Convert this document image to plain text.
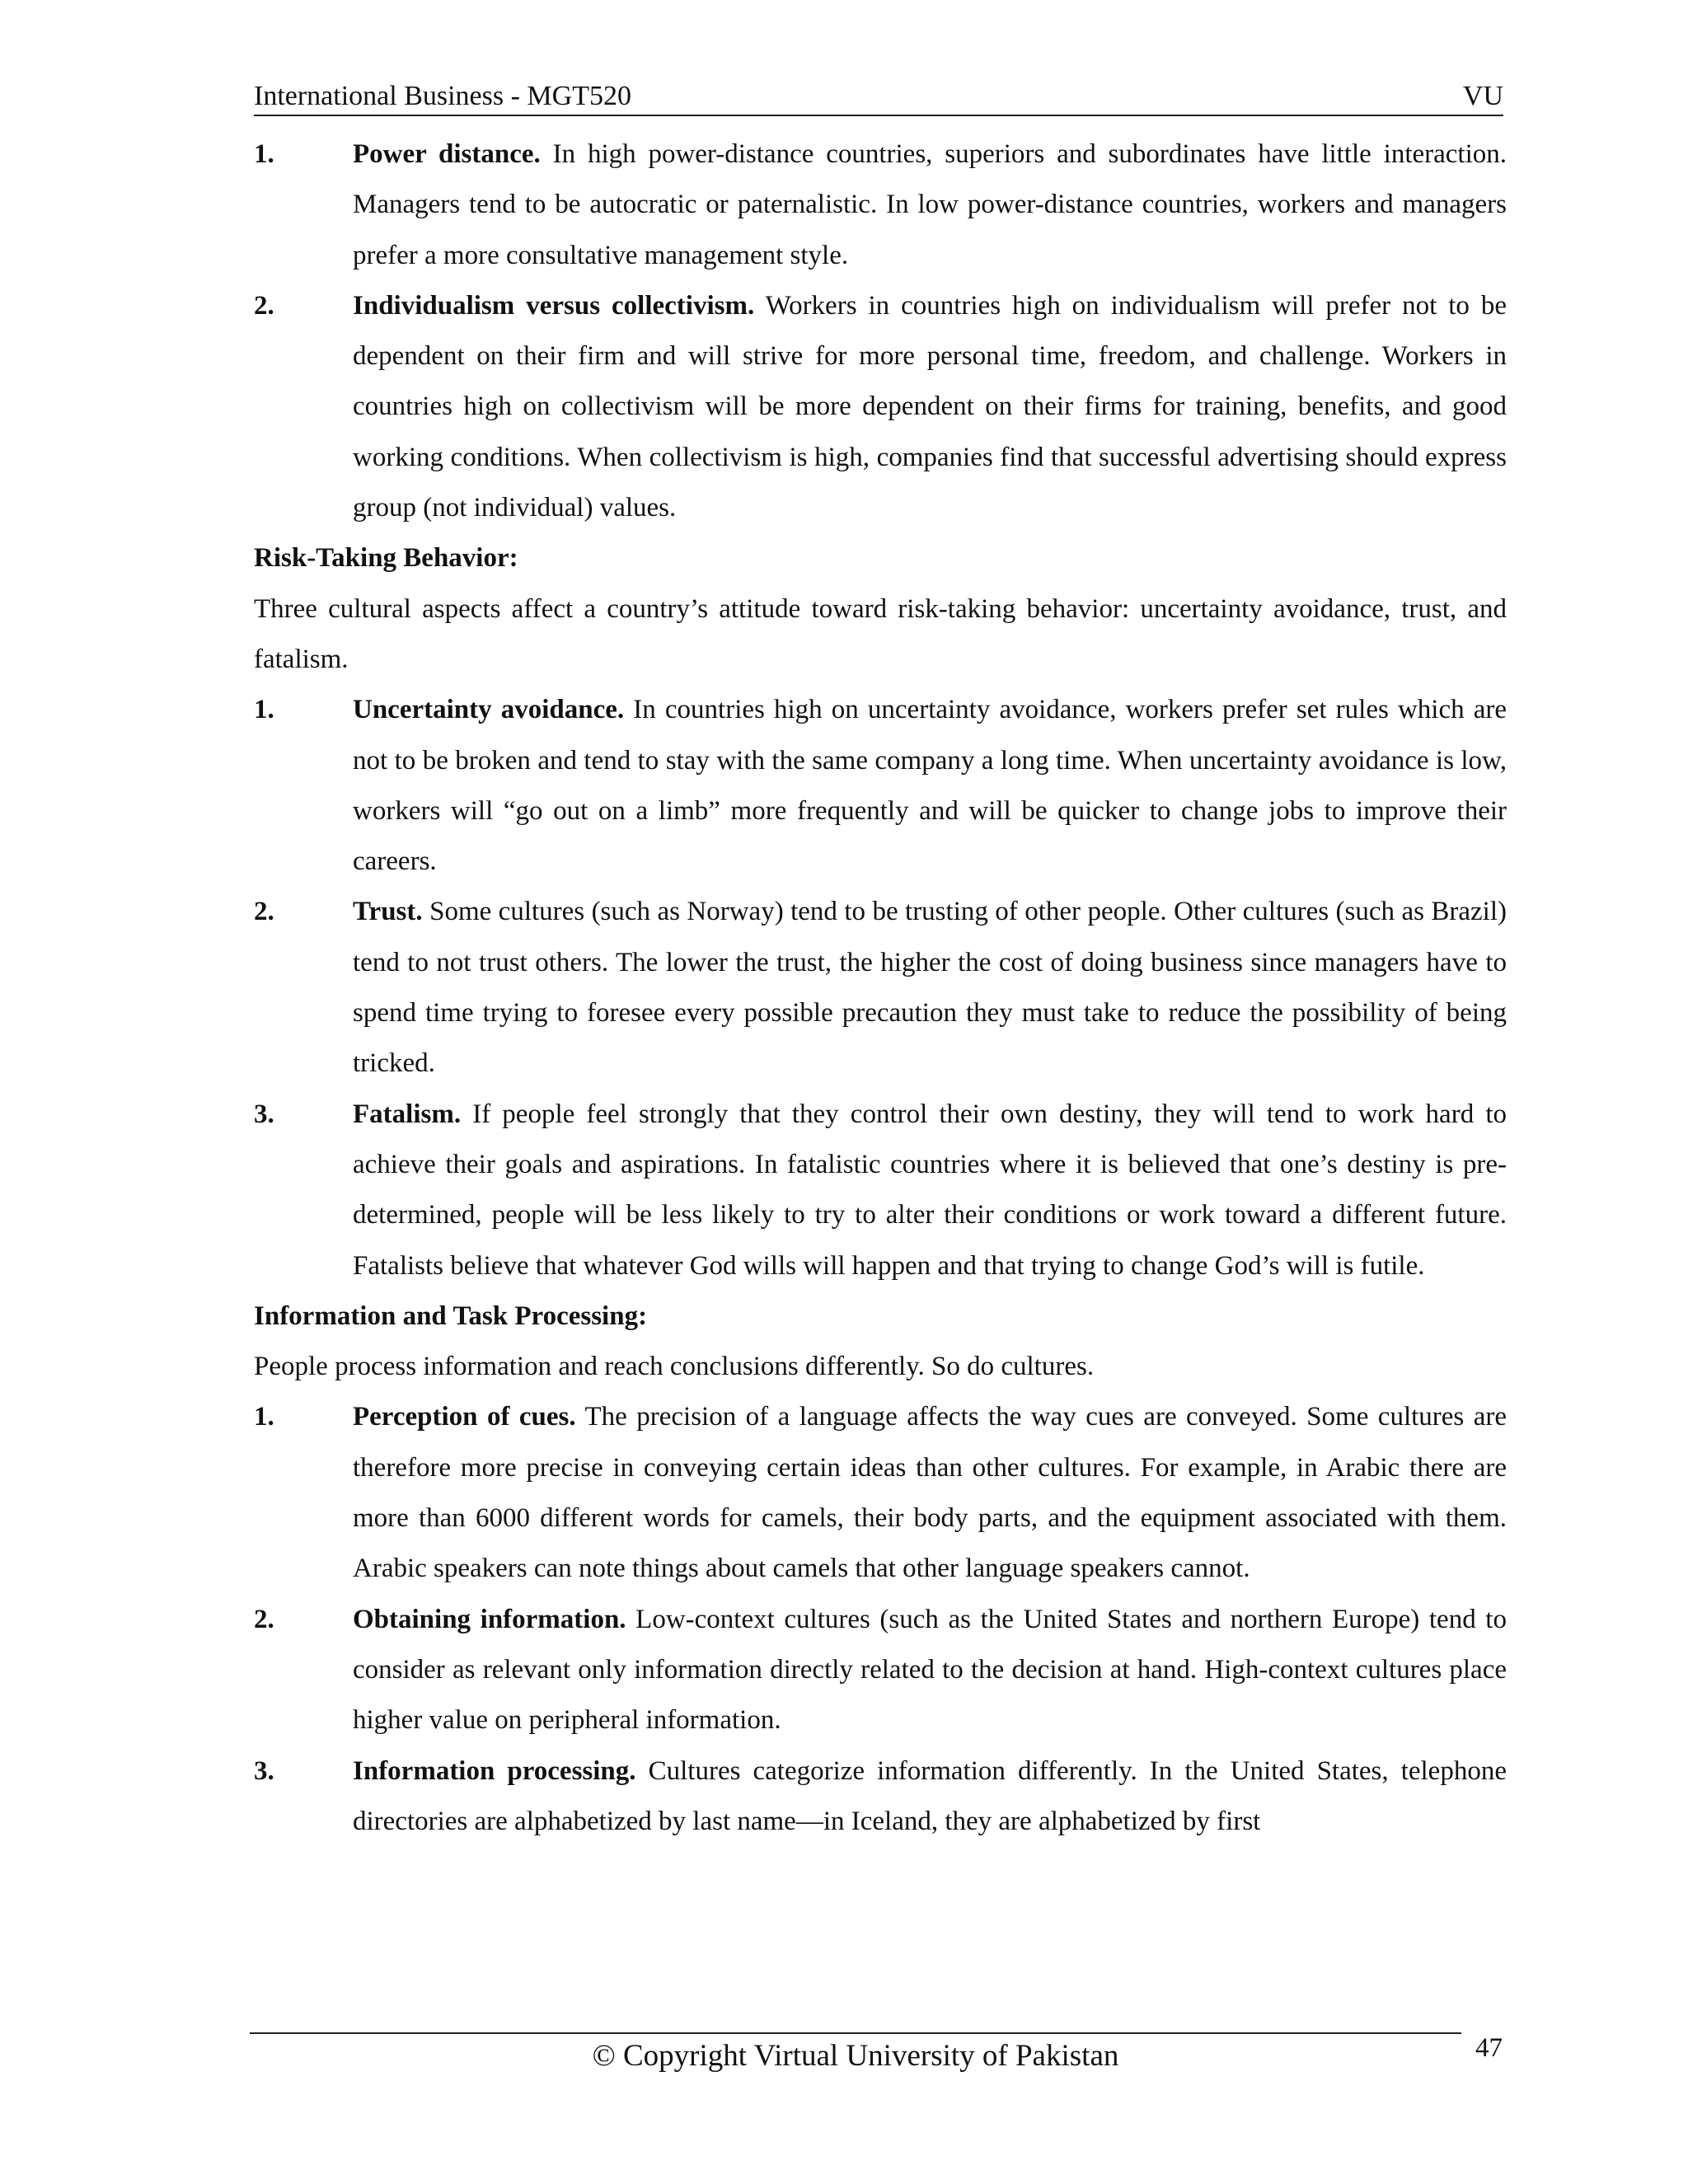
International Business - MGT520	VU
1.	Power distance. In high power-distance countries, superiors and subordinates have little interaction. Managers tend to be autocratic or paternalistic. In low power-distance countries, workers and managers prefer a more consultative management style.
2.	Individualism versus collectivism. Workers in countries high on individualism will prefer not to be dependent on their firm and will strive for more personal time, freedom, and challenge. Workers in countries high on collectivism will be more dependent on their firms for training, benefits, and good working conditions. When collectivism is high, companies find that successful advertising should express group (not individual) values.
Risk-Taking Behavior:
Three cultural aspects affect a country’s attitude toward risk-taking behavior: uncertainty avoidance, trust, and fatalism.
1.	Uncertainty avoidance. In countries high on uncertainty avoidance, workers prefer set rules which are not to be broken and tend to stay with the same company a long time. When uncertainty avoidance is low, workers will “go out on a limb” more frequently and will be quicker to change jobs to improve their careers.
2.	Trust. Some cultures (such as Norway) tend to be trusting of other people. Other cultures (such as Brazil) tend to not trust others. The lower the trust, the higher the cost of doing business since managers have to spend time trying to foresee every possible precaution they must take to reduce the possibility of being tricked.
3.	Fatalism. If people feel strongly that they control their own destiny, they will tend to work hard to achieve their goals and aspirations. In fatalistic countries where it is believed that one’s destiny is pre-determined, people will be less likely to try to alter their conditions or work toward a different future. Fatalists believe that whatever God wills will happen and that trying to change God’s will is futile.
Information and Task Processing:
People process information and reach conclusions differently. So do cultures.
1.	Perception of cues. The precision of a language affects the way cues are conveyed. Some cultures are therefore more precise in conveying certain ideas than other cultures. For example, in Arabic there are more than 6000 different words for camels, their body parts, and the equipment associated with them. Arabic speakers can note things about camels that other language speakers cannot.
2.	Obtaining information. Low-context cultures (such as the United States and northern Europe) tend to consider as relevant only information directly related to the decision at hand. High-context cultures place higher value on peripheral information.
3.	Information processing. Cultures categorize information differently. In the United States, telephone directories are alphabetized by last name—in Iceland, they are alphabetized by first
© Copyright Virtual University of Pakistan	47
